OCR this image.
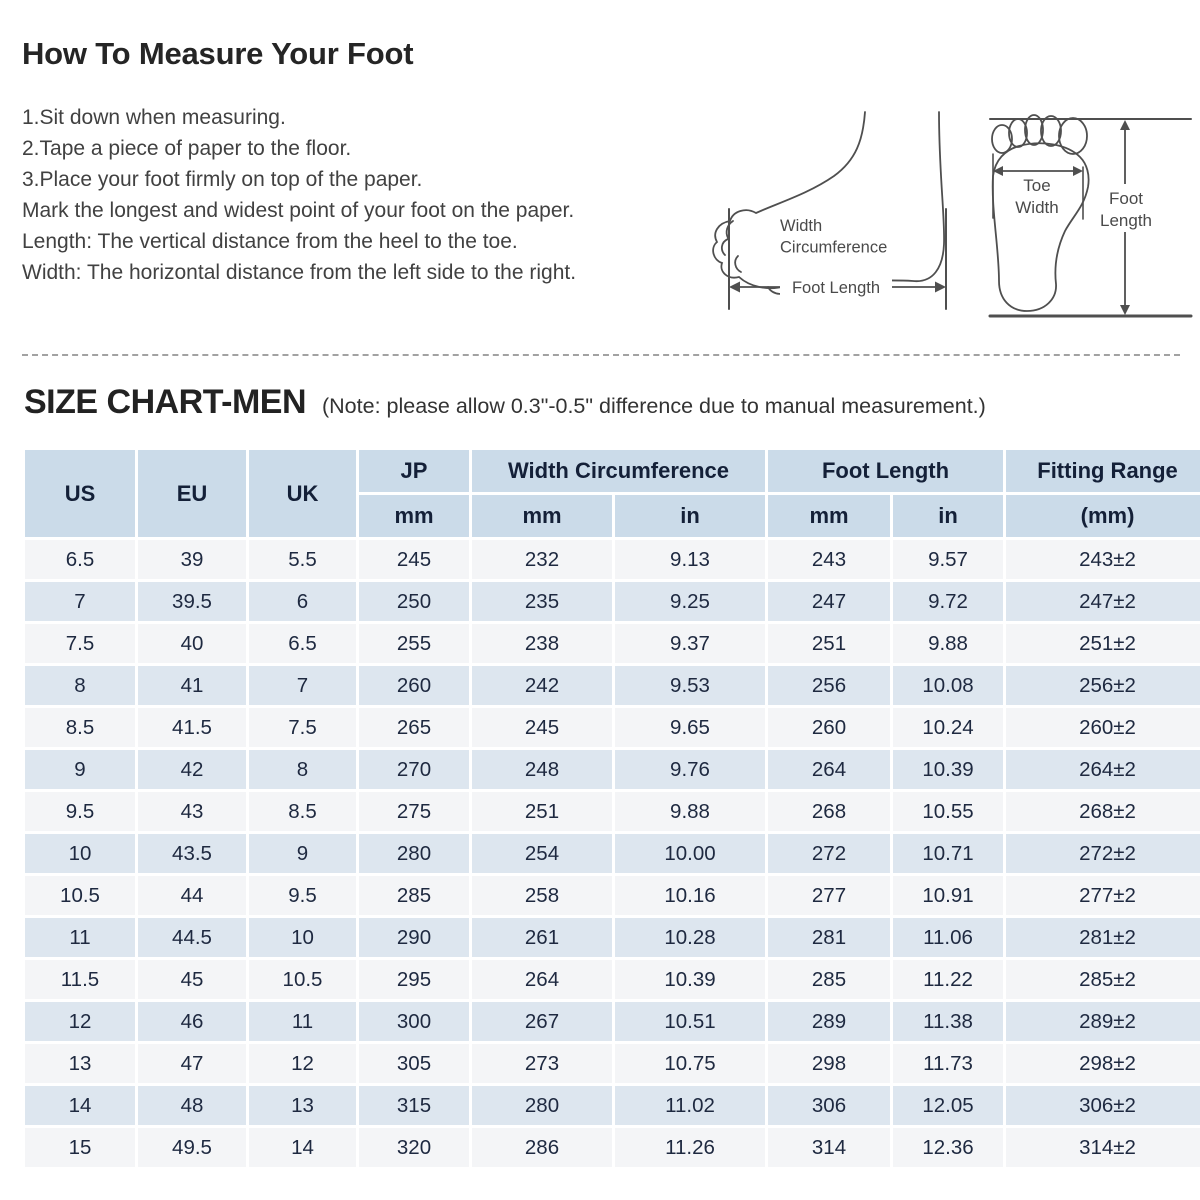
How To Measure Your Foot
1.Sit down when measuring.
2.Tape a piece of paper to the floor.
3.Place your foot firmly on top of the paper.
Mark the longest and widest point of your foot on the paper.
Length: The vertical distance from the heel to the toe.
Width: The horizontal distance from the left side to the right.
Width Circumference
Foot Length
Toe Width	Foot Length
SIZE CHART-MEN (Note: please allow 0.3"-0.5" difference due to manual measurement.)
US	EU	UK	JP	Width Circumference		Foot Length		Fitting Range
			mm	mm	in	mm	in	(mm)
6.5	39	5.5	245	232	9.13	243	9.57	243±2
7	39.5	6	250	235	9.25	247	9.72	247±2
7.5	40	6.5	255	238	9.37	251	9.88	251±2
8	41	7	260	242	9.53	256	10.08	256±2
8.5	41.5	7.5	265	245	9.65	260	10.24	260±2
9	42	8	270	248	9.76	264	10.39	264±2
9.5	43	8.5	275	251	9.88	268	10.55	268±2
10	43.5	9	280	254	10.00	272	10.71	272±2
10.5	44	9.5	285	258	10.16	277	10.91	277±2
11	44.5	10	290	261	10.28	281	11.06	281±2
11.5	45	10.5	295	264	10.39	285	11.22	285±2
12	46	11	300	267	10.51	289	11.38	289±2
13	47	12	305	273	10.75	298	11.73	298±2
14	48	13	315	280	11.02	306	12.05	306±2
15	49.5	14	320	286	11.26	314	12.36	314±2
